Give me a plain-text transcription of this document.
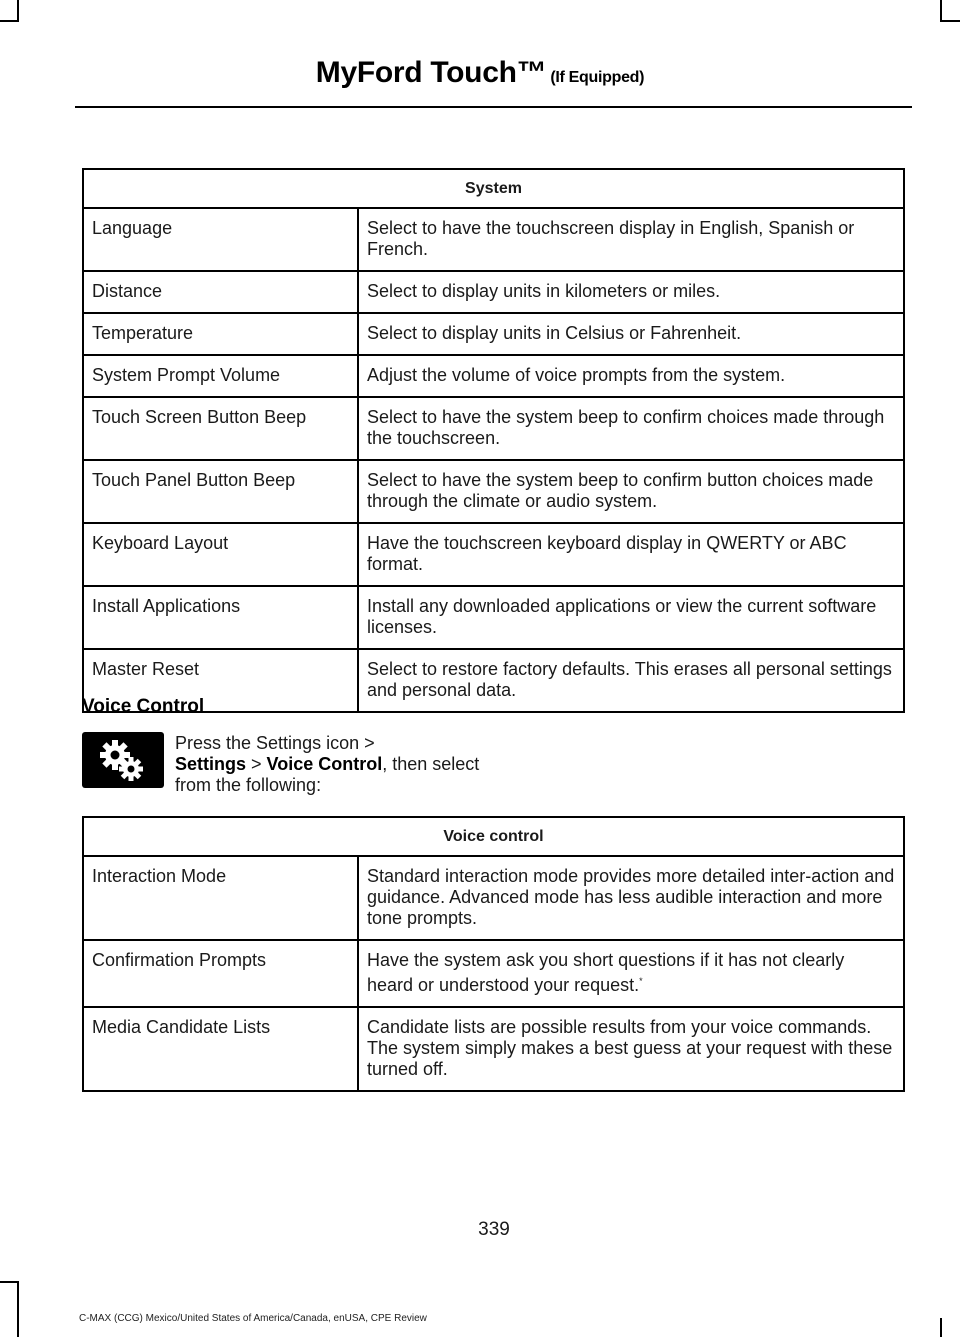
MyFord Touch™ (If Equipped)
System	
Language	Select to have the touchscreen display in English, Spanish or French.
Distance	Select to display units in kilometers or miles.
Temperature	Select to display units in Celsius or Fahrenheit.
System Prompt Volume	Adjust the volume of voice prompts from the system.
Touch Screen Button Beep	Select to have the system beep to confirm choices made through the touchscreen.
Touch Panel Button Beep	Select to have the system beep to confirm button choices made through the climate or audio system.
Keyboard Layout	Have the touchscreen keyboard display in QWERTY or ABC format.
Install Applications	Install any downloaded applications or view the current software licenses.
Master Reset	Select to restore factory defaults. This erases all personal settings and personal data.
Voice Control
Press the Settings icon >
Settings > Voice Control, then select from the following:
Voice control	
Interaction Mode	Standard interaction mode provides more detailed inter-action and guidance. Advanced mode has less audible interaction and more tone prompts.
Confirmation Prompts	Have the system ask you short questions if it has not clearly heard or understood your request.*
Media Candidate Lists	Candidate lists are possible results from your voice commands. The system simply makes a best guess at your request with these turned off.
339
C-MAX (CCG) Mexico/United States of America/Canada, enUSA, CPE Review
